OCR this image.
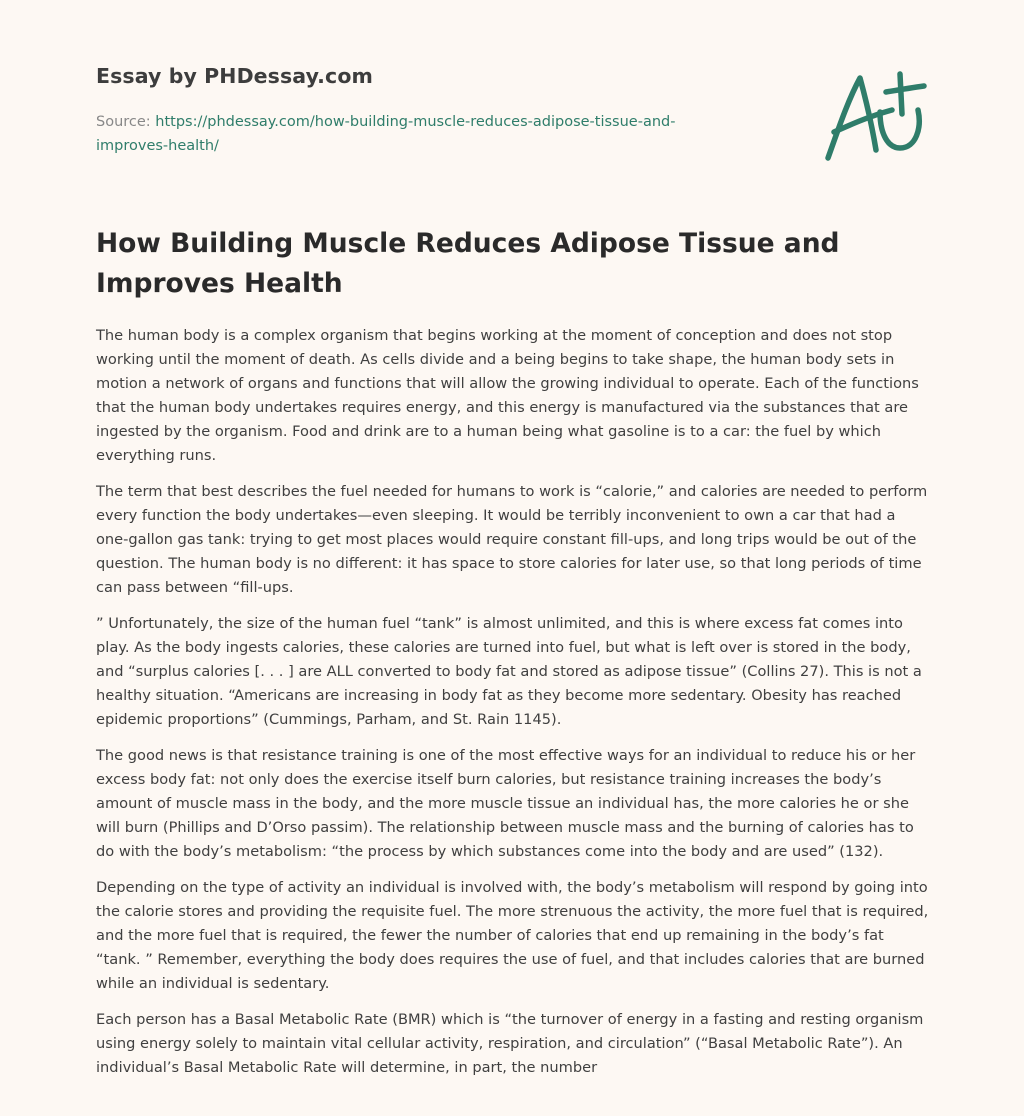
Essay by PHDessay.com

Source: https://phdessay.com/how-building-muscle-reduces-adipose-tissue-and-improves-health/

How Building Muscle Reduces Adipose Tissue and Improves Health

The human body is a complex organism that begins working at the moment of conception and does not stop working until the moment of death. As cells divide and a being begins to take shape, the human body sets in motion a network of organs and functions that will allow the growing individual to operate. Each of the functions that the human body undertakes requires energy, and this energy is manufactured via the substances that are ingested by the organism. Food and drink are to a human being what gasoline is to a car: the fuel by which everything runs.

The term that best describes the fuel needed for humans to work is “calorie,” and calories are needed to perform every function the body undertakes—even sleeping. It would be terribly inconvenient to own a car that had a one-gallon gas tank: trying to get most places would require constant fill-ups, and long trips would be out of the question. The human body is no different: it has space to store calories for later use, so that long periods of time can pass between “fill-ups.

” Unfortunately, the size of the human fuel “tank” is almost unlimited, and this is where excess fat comes into play. As the body ingests calories, these calories are turned into fuel, but what is left over is stored in the body, and “surplus calories [. . . ] are ALL converted to body fat and stored as adipose tissue” (Collins 27). This is not a healthy situation. “Americans are increasing in body fat as they become more sedentary. Obesity has reached epidemic proportions” (Cummings, Parham, and St. Rain 1145).

The good news is that resistance training is one of the most effective ways for an individual to reduce his or her excess body fat: not only does the exercise itself burn calories, but resistance training increases the body’s amount of muscle mass in the body, and the more muscle tissue an individual has, the more calories he or she will burn (Phillips and D’Orso passim). The relationship between muscle mass and the burning of calories has to do with the body’s metabolism: “the process by which substances come into the body and are used” (132).

Depending on the type of activity an individual is involved with, the body’s metabolism will respond by going into the calorie stores and providing the requisite fuel. The more strenuous the activity, the more fuel that is required, and the more fuel that is required, the fewer the number of calories that end up remaining in the body’s fat “tank. ” Remember, everything the body does requires the use of fuel, and that includes calories that are burned while an individual is sedentary.

Each person has a Basal Metabolic Rate (BMR) which is “the turnover of energy in a fasting and resting organism using energy solely to maintain vital cellular activity, respiration, and circulation” (“Basal Metabolic Rate”). An individual’s Basal Metabolic Rate will determine, in part, the number
